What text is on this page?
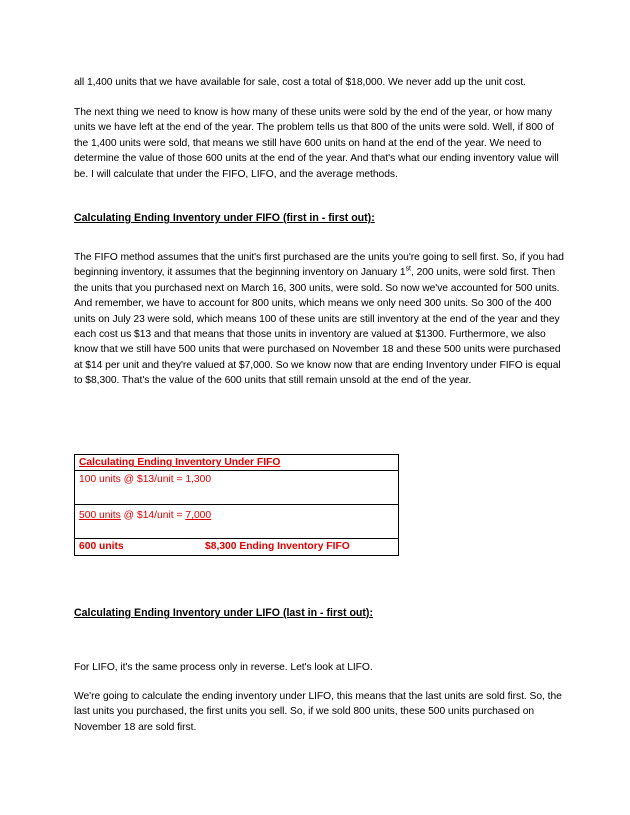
all 1,400 units that we have available for sale, cost a total of $18,000. We never add up the unit cost.

The next thing we need to know is how many of these units were sold by the end of the year, or how many units we have left at the end of the year. The problem tells us that 800 of the units were sold. Well, if 800 of the 1,400 units were sold, that means we still have 600 units on hand at the end of the year. We need to determine the value of those 600 units at the end of the year. And that's what our ending inventory value will be. I will calculate that under the FIFO, LIFO, and the average methods.

Calculating Ending Inventory under FIFO (first in - first out):

The FIFO method assumes that the unit's first purchased are the units you're going to sell first. So, if you had beginning inventory, it assumes that the beginning inventory on January 1st, 200 units, were sold first. Then the units that you purchased next on March 16, 300 units, were sold. So now we've accounted for 500 units. And remember, we have to account for 800 units, which means we only need 300 units. So 300 of the 400 units on July 23 were sold, which means 100 of these units are still inventory at the end of the year and they each cost us $13 and that means that those units in inventory are valued at $1300. Furthermore, we also know that we still have 500 units that were purchased on November 18 and these 500 units were purchased at $14 per unit and they're valued at $7,000. So we know now that are ending Inventory under FIFO is equal to $8,300. That's the value of the 600 units that still remain unsold at the end of the year.

Calculating Ending Inventory Under FIFO
100 units @ $13/unit = 1,300
500 units @ $14/unit = 7,000
600 units	$8,300 Ending Inventory FIFO

Calculating Ending Inventory under LIFO (last in - first out):

For LIFO, it's the same process only in reverse. Let's look at LIFO.

We're going to calculate the ending inventory under LIFO, this means that the last units are sold first. So, the last units you purchased, the first units you sell. So, if we sold 800 units, these 500 units purchased on November 18 are sold first.
